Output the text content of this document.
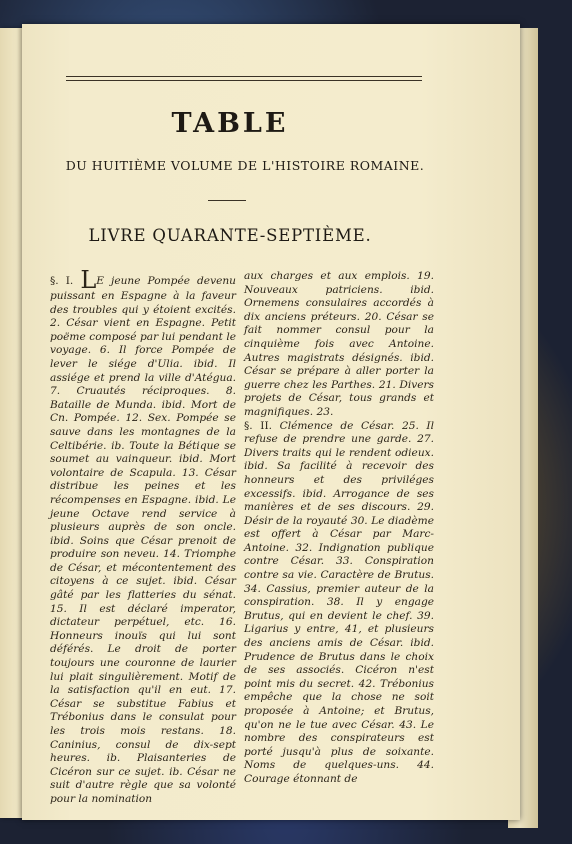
TABLE
DU HUITIÈME VOLUME DE L'HISTOIRE ROMAINE.
LIVRE QUARANTE-SEPTIÈME.

§. I. LE jeune Pompée devenu puissant en Espagne à la faveur des troubles qui y étoient excités. 2. César vient en Espagne. Petit poëme composé par lui pendant le voyage. 6. Il force Pompée de lever le siége d'Ulia. ibid. Il assiége et prend la ville d'Atégua. 7. Cruautés réciproques. 8. Bataille de Munda. ibid. Mort de Cn. Pompée. 12. Sex. Pompée se sauve dans les montagnes de la Celtibérie. ib. Toute la Bétique se soumet au vainqueur. ibid. Mort volontaire de Scapula. 13. César distribue les peines et les récompenses en Espagne. ibid. Le jeune Octave rend service à plusieurs auprès de son oncle. ibid. Soins que César prenoit de produire son neveu. 14. Triomphe de César, et mécontentement des citoyens à ce sujet. ibid. César gâté par les flatteries du sénat. 15. Il est déclaré imperator, dictateur perpétuel, etc. 16. Honneurs inouïs qui lui sont déférés. Le droit de porter toujours une couronne de laurier lui plait singulièrement. Motif de la satisfaction qu'il en eut. 17. César se substitue Fabius et Trébonius dans le consulat pour les trois mois restans. 18. Caninius, consul de dix-sept heures. ib. Plaisanteries de Cicéron sur ce sujet. ib. César ne suit d'autre règle que sa volonté pour la nomination

aux charges et aux emplois. 19. Nouveaux patriciens. ibid. Ornemens consulaires accordés à dix anciens préteurs. 20. César se fait nommer consul pour la cinquième fois avec Antoine. Autres magistrats désignés. ibid. César se prépare à aller porter la guerre chez les Parthes. 21. Divers projets de César, tous grands et magnifiques. 23.

§. II. Clémence de César. 25. Il refuse de prendre une garde. 27. Divers traits qui le rendent odieux. ibid. Sa facilité à recevoir des honneurs et des priviléges excessifs. ibid. Arrogance de ses manières et de ses discours. 29. Désir de la royauté 30. Le diadème est offert à César par Marc-Antoine. 32. Indignation publique contre César. 33. Conspiration contre sa vie. Caractère de Brutus. 34. Cassius, premier auteur de la conspiration. 38. Il y engage Brutus, qui en devient le chef. 39. Ligarius y entre, 41, et plusieurs des anciens amis de César. ibid. Prudence de Brutus dans le choix de ses associés. Cicéron n'est point mis du secret. 42. Trébonius empêche que la chose ne soit proposée à Antoine; et Brutus, qu'on ne le tue avec César. 43. Le nombre des conspirateurs est porté jusqu'à plus de soixante. Noms de quelques-uns. 44. Courage étonnant de
